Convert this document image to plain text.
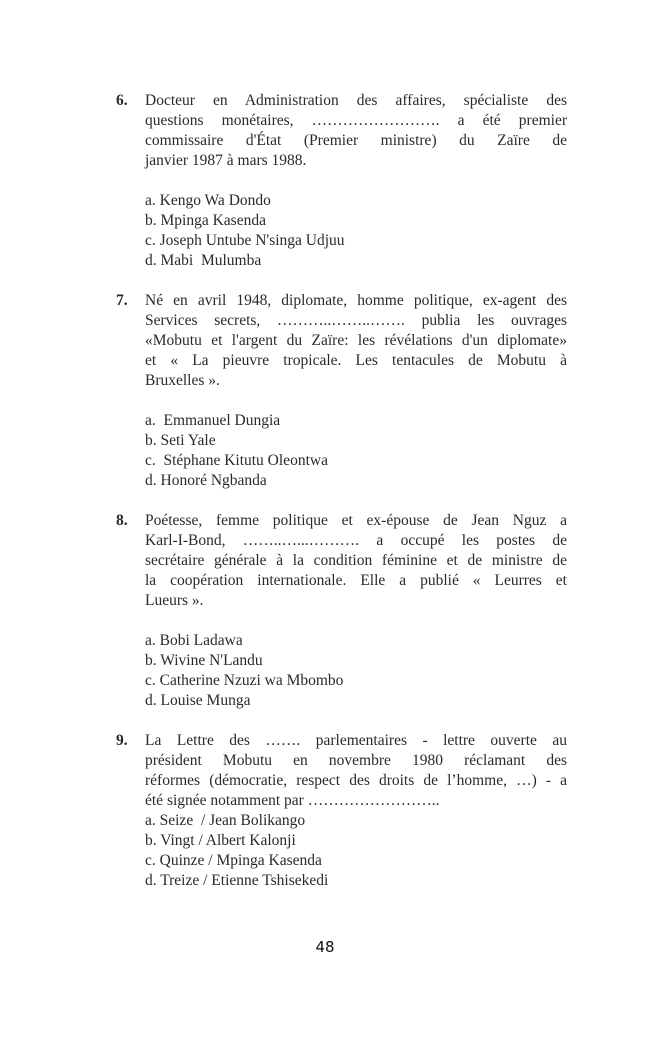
6. Docteur en Administration des affaires, spécialiste des
questions monétaires, ……………………. a été premier
commissaire d'État (Premier ministre) du Zaïre de
janvier 1987 à mars 1988.
a. Kengo Wa Dondo
b. Mpinga Kasenda
c. Joseph Untube N'singa Udjuu
d. Mabi  Mulumba
7. Né en avril 1948, diplomate, homme politique, ex-agent des
Services secrets, ………..……..……. publia les ouvrages
«Mobutu et l'argent du Zaïre: les révélations d'un diplomate»
et « La pieuvre tropicale. Les tentacules de Mobutu à
Bruxelles ».
a.  Emmanuel Dungia
b. Seti Yale
c.  Stéphane Kitutu Oleontwa
d. Honoré Ngbanda
8. Poétesse, femme politique et ex-épouse de Jean Nguz a
Karl-I-Bond, ……..…...………. a occupé les postes de
secrétaire générale à la condition féminine et de ministre de
la coopération internationale. Elle a publié « Leurres et
Lueurs ».
a. Bobi Ladawa
b. Wivine N'Landu
c. Catherine Nzuzi wa Mbombo
d. Louise Munga
9. La Lettre des ……. parlementaires - lettre ouverte au
président Mobutu en novembre 1980 réclamant des
réformes (démocratie, respect des droits de l’homme, …) - a
été signée notamment par ……………………..
a. Seize  / Jean Bolikango
b. Vingt / Albert Kalonji
c. Quinze / Mpinga Kasenda
d. Treize / Etienne Tshisekedi
48
